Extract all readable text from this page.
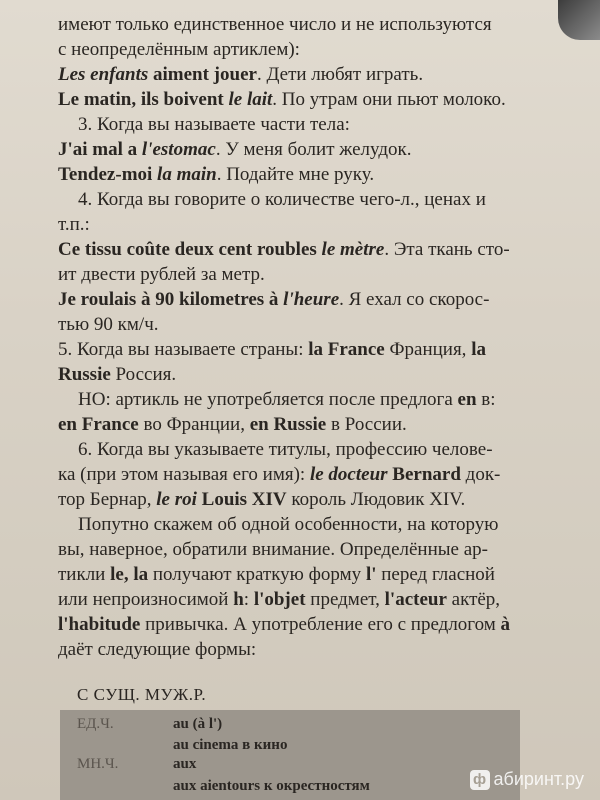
имеют только единственное число и не используются
с неопределённым артиклем):
Les enfants aiment jouer. Дети любят играть.
Le matin, ils boivent le lait. По утрам они пьют молоко.
3. Когда вы называете части тела:
J'ai mal a l'estomac. У меня болит желудок.
Tendez-moi la main. Подайте мне руку.
4. Когда вы говорите о количестве чего-л., ценах и
т.п.:
Ce tissu coûte deux cent roubles le mètre. Эта ткань сто-
ит двести рублей за метр.
Je roulais à 90 kilometres à l'heure. Я ехал со скорос-
тью 90 км/ч.
5. Когда вы называете страны: la France Франция, la
Russie Россия.
НО: артикль не употребляется после предлога en в:
en France во Франции, en Russie в России.
6. Когда вы указываете титулы, профессию челове-
ка (при этом называя его имя): le docteur Bernard док-
тор Бернар, le roi Louis XIV король Людовик XIV.
Попутно скажем об одной особенности, на которую
вы, наверное, обратили внимание. Определённые ар-
тикли le, la получают краткую форму l' перед гласной
или непроизносимой h: l'objet предмет, l'acteur актёр,
l'habitude привычка. А употребление его с предлогом à
даёт следующие формы:
С СУЩ. МУЖ.Р.
ЕД.Ч.	au (à l')
au cinema в кино
МН.Ч.	aux
aux aientours к окрестностям	ф абиринт.ру
